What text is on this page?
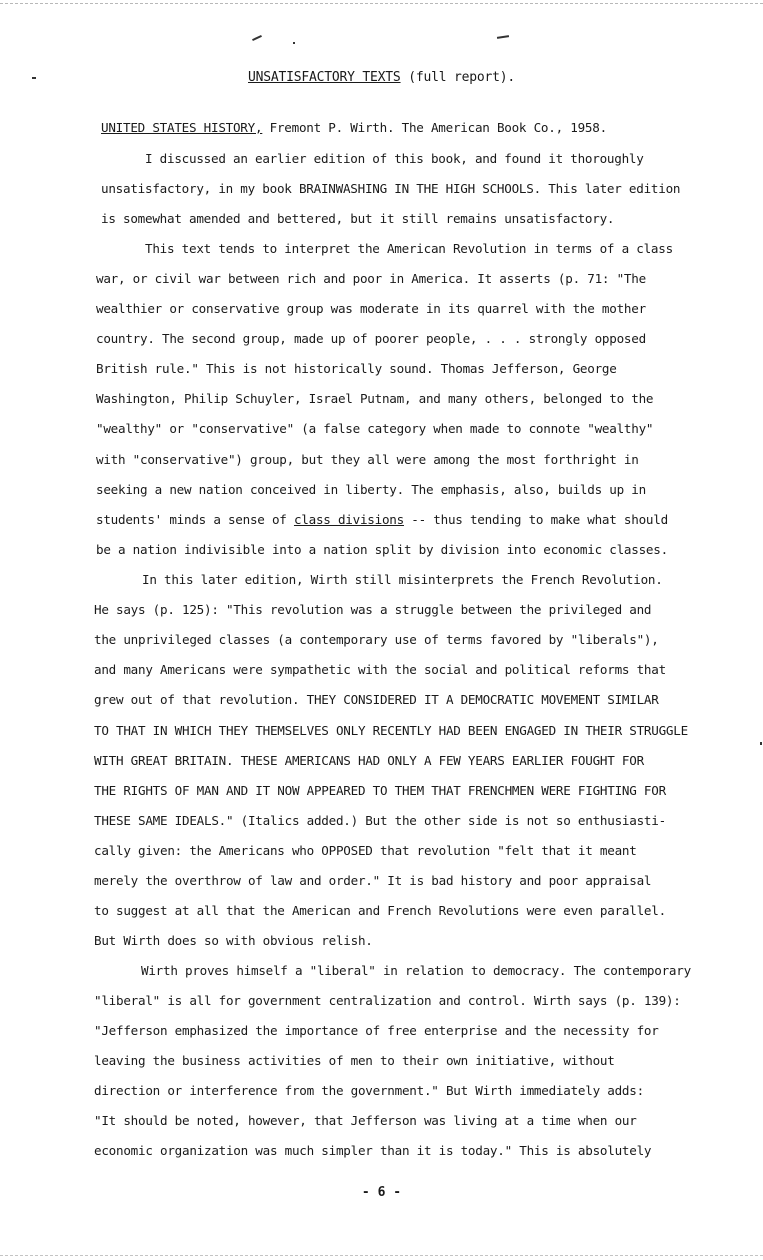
UNSATISFACTORY TEXTS (full report).
UNITED STATES HISTORY, Fremont P. Wirth. The American Book Co., 1958.
I discussed an earlier edition of this book, and found it thoroughly
unsatisfactory, in my book BRAINWASHING IN THE HIGH SCHOOLS. This later edition
is somewhat amended and bettered, but it still remains unsatisfactory.
This text tends to interpret the American Revolution in terms of a class
war, or civil war between rich and poor in America. It asserts (p. 71: "The
wealthier or conservative group was moderate in its quarrel with the mother
country. The second group, made up of poorer people, . . . strongly opposed
British rule." This is not historically sound. Thomas Jefferson, George
Washington, Philip Schuyler, Israel Putnam, and many others, belonged to the
"wealthy" or "conservative" (a false category when made to connote "wealthy"
with "conservative") group, but they all were among the most forthright in
seeking a new nation conceived in liberty. The emphasis, also, builds up in
students' minds a sense of class divisions -- thus tending to make what should
be a nation indivisible into a nation split by division into economic classes.
In this later edition, Wirth still misinterprets the French Revolution.
He says (p. 125): "This revolution was a struggle between the privileged and
the unprivileged classes (a contemporary use of terms favored by "liberals"),
and many Americans were sympathetic with the social and political reforms that
grew out of that revolution. THEY CONSIDERED IT A DEMOCRATIC MOVEMENT SIMILAR
TO THAT IN WHICH THEY THEMSELVES ONLY RECENTLY HAD BEEN ENGAGED IN THEIR STRUGGLE
WITH GREAT BRITAIN. THESE AMERICANS HAD ONLY A FEW YEARS EARLIER FOUGHT FOR
THE RIGHTS OF MAN AND IT NOW APPEARED TO THEM THAT FRENCHMEN WERE FIGHTING FOR
THESE SAME IDEALS." (Italics added.) But the other side is not so enthusiasti-
cally given: the Americans who OPPOSED that revolution "felt that it meant
merely the overthrow of law and order." It is bad history and poor appraisal
to suggest at all that the American and French Revolutions were even parallel.
But Wirth does so with obvious relish.
Wirth proves himself a "liberal" in relation to democracy. The contemporary
"liberal" is all for government centralization and control. Wirth says (p. 139):
"Jefferson emphasized the importance of free enterprise and the necessity for
leaving the business activities of men to their own initiative, without
direction or interference from the government." But Wirth immediately adds:
"It should be noted, however, that Jefferson was living at a time when our
economic organization was much simpler than it is today." This is absolutely
- 6 -
